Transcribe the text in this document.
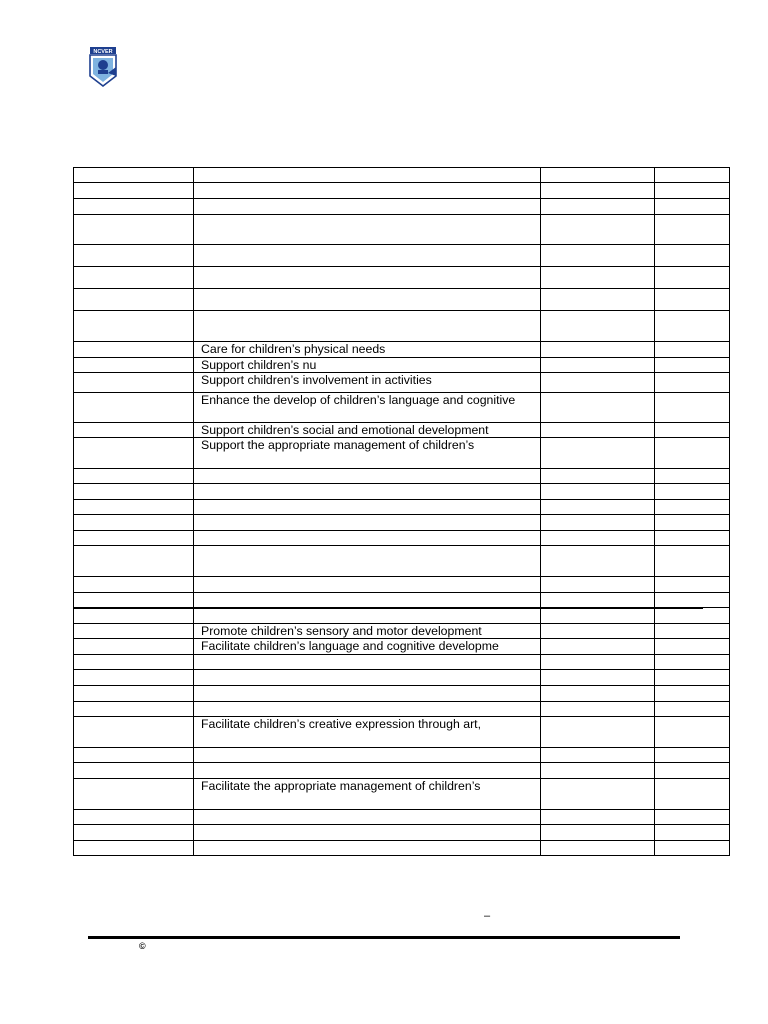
NCVER

	Care for children’s physical needs		
	Support children’s nu		
	Support children’s involvement in activities		
	Enhance the develop of children’s language and cognitive		
	Support children’s social and emotional development		
	Support the appropriate management of children’s		

	Promote children’s sensory and motor development		
	Facilitate children’s language and cognitive developme		

	Facilitate children’s creative expression through art,		

	Facilitate the appropriate management of children’s		

–
©
